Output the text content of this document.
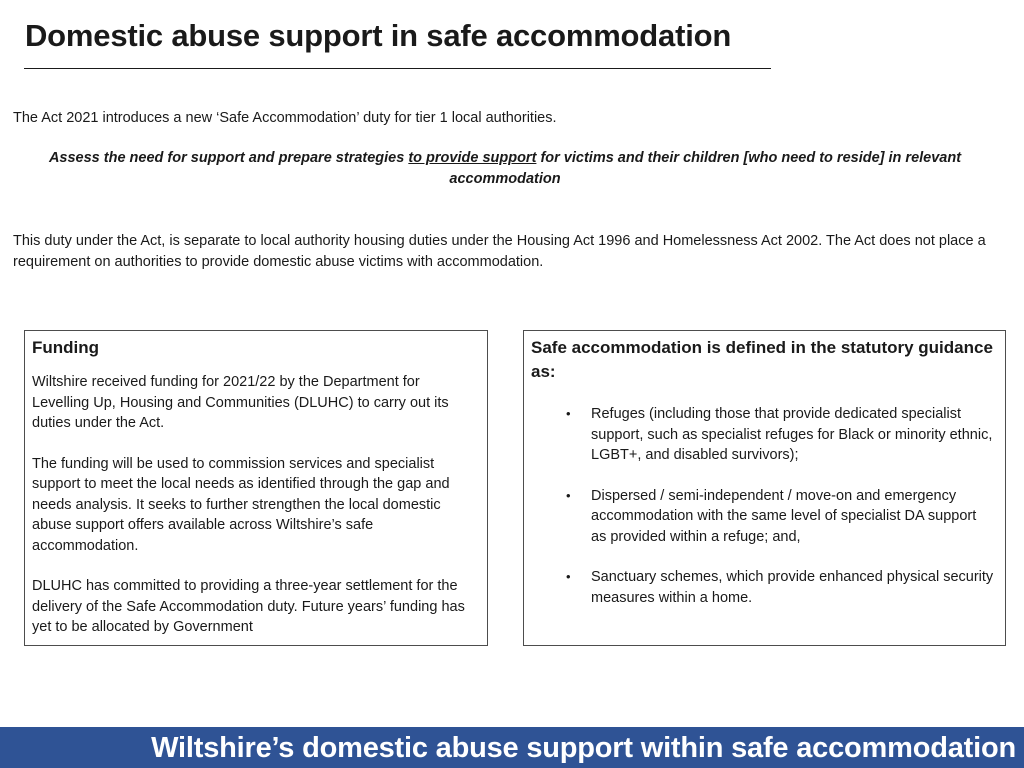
Domestic abuse support in safe accommodation

The Act 2021 introduces a new ‘Safe Accommodation’ duty for tier 1 local authorities.

Assess the need for support and prepare strategies to provide support for victims and their children [who need to reside] in relevant accommodation

This duty under the Act, is separate to local authority housing duties under the Housing Act 1996 and Homelessness Act 2002. The Act does not place a requirement on authorities to provide domestic abuse victims with accommodation.

Funding

Wiltshire received funding for 2021/22 by the Department for Levelling Up, Housing and Communities (DLUHC) to carry out its duties under the Act.

The funding will be used to commission services and specialist support to meet the local needs as identified through the gap and needs analysis. It seeks to further strengthen the local domestic abuse support offers available across Wiltshire’s safe accommodation.

DLUHC has committed to providing a three-year settlement for the delivery of the Safe Accommodation duty. Future years’ funding has yet to be allocated by Government

Safe accommodation is defined in the statutory guidance as:
• Refuges (including those that provide dedicated specialist support, such as specialist refuges for Black or minority ethnic, LGBT+, and disabled survivors);
• Dispersed / semi-independent / move-on and emergency accommodation with the same level of specialist DA support as provided within a refuge; and,
• Sanctuary schemes, which provide enhanced physical security measures within a home.

Wiltshire’s domestic abuse support within safe accommodation
